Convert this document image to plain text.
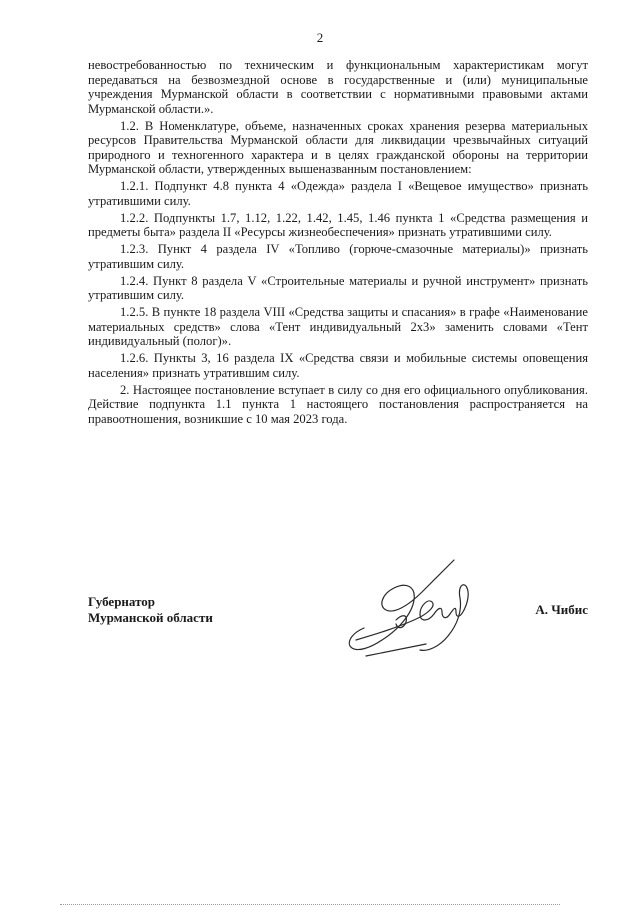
2

невостребованностью по техническим и функциональным характеристикам могут передаваться на безвозмездной основе в государственные и (или) муниципальные учреждения Мурманской области в соответствии с нормативными правовыми актами Мурманской области.».

1.2. В Номенклатуре, объеме, назначенных сроках хранения резерва материальных ресурсов Правительства Мурманской области для ликвидации чрезвычайных ситуаций природного и техногенного характера и в целях гражданской обороны на территории Мурманской области, утвержденных вышеназванным постановлением:

1.2.1. Подпункт 4.8 пункта 4 «Одежда» раздела I «Вещевое имущество» признать утратившими силу.

1.2.2. Подпункты 1.7, 1.12, 1.22, 1.42, 1.45, 1.46 пункта 1 «Средства размещения и предметы быта» раздела II «Ресурсы жизнеобеспечения» признать утратившими силу.

1.2.3. Пункт 4 раздела IV «Топливо (горюче-смазочные материалы)» признать утратившим силу.

1.2.4. Пункт 8 раздела V «Строительные материалы и ручной инструмент» признать утратившим силу.

1.2.5. В пункте 18 раздела VIII «Средства защиты и спасания» в графе «Наименование материальных средств» слова «Тент индивидуальный 2х3» заменить словами «Тент индивидуальный (полог)».

1.2.6. Пункты 3, 16 раздела IX «Средства связи и мобильные системы оповещения населения» признать утратившим силу.

2. Настоящее постановление вступает в силу со дня его официального опубликования. Действие подпункта 1.1 пункта 1 настоящего постановления распространяется на правоотношения, возникшие с 10 мая 2023 года.

Губернатор
Мурманской области
А. Чибис
